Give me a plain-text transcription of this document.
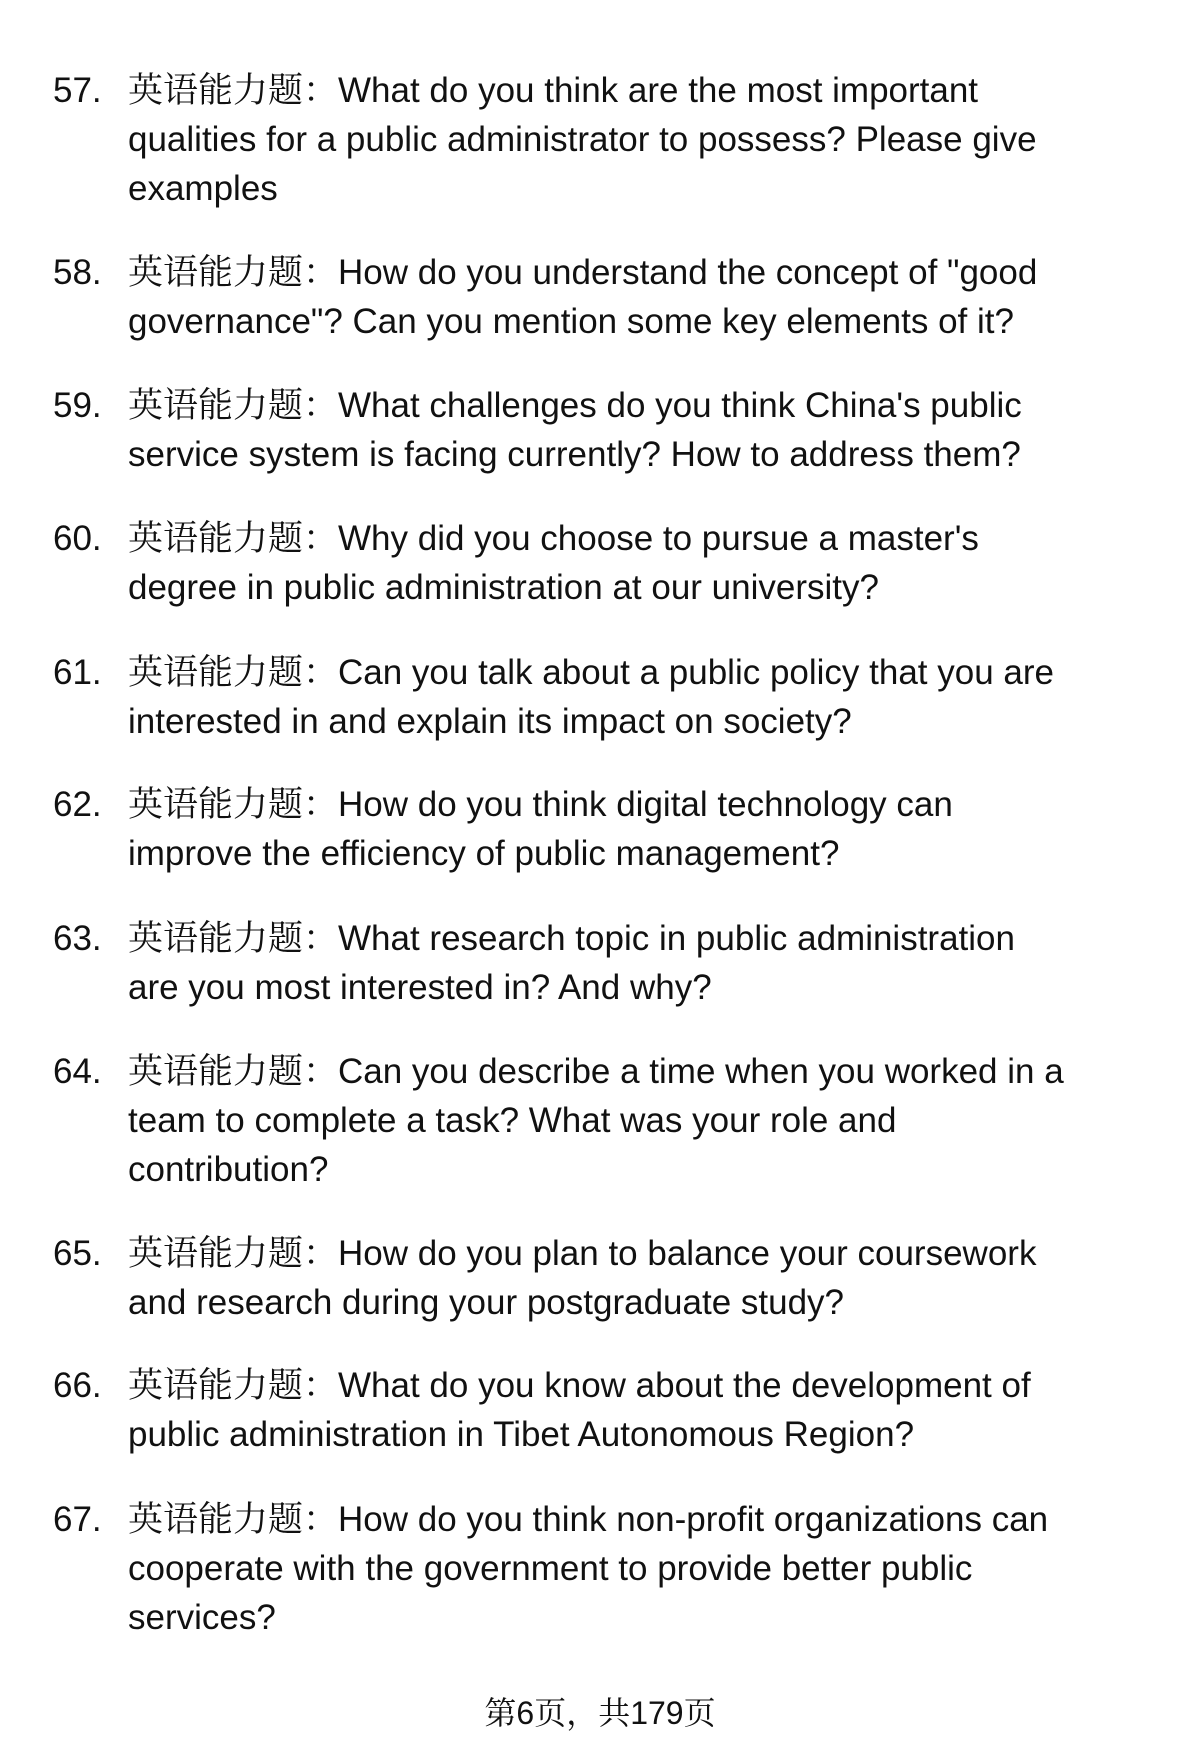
57. 英语能力题：What do you think are the most important
qualities for a public administrator to possess? Please give
examples
58. 英语能力题：How do you understand the concept of "good
governance"? Can you mention some key elements of it?
59. 英语能力题：What challenges do you think China's public
service system is facing currently? How to address them?
60. 英语能力题：Why did you choose to pursue a master's
degree in public administration at our university?
61. 英语能力题：Can you talk about a public policy that you are
interested in and explain its impact on society?
62. 英语能力题：How do you think digital technology can
improve the efficiency of public management?
63. 英语能力题：What research topic in public administration
are you most interested in? And why?
64. 英语能力题：Can you describe a time when you worked in a
team to complete a task? What was your role and
contribution?
65. 英语能力题：How do you plan to balance your coursework
and research during your postgraduate study?
66. 英语能力题：What do you know about the development of
public administration in Tibet Autonomous Region?
67. 英语能力题：How do you think non-profit organizations can
cooperate with the government to provide better public
services?
第6页，共179页
